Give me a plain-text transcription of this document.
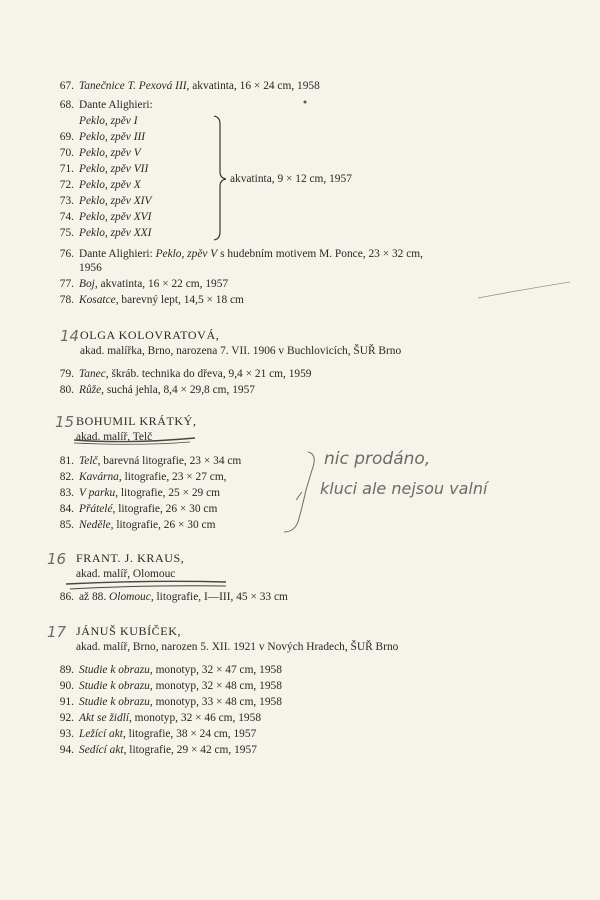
67. Tanečnice T. Pexová III, akvatinta, 16 × 24 cm, 1958
68. Dante Alighieri:
Peklo, zpěv I
69. Peklo, zpěv III
70. Peklo, zpěv V
71. Peklo, zpěv VII
72. Peklo, zpěv X
73. Peklo, zpěv XIV
74. Peklo, zpěv XVI
75. Peklo, zpěv XXI
akvatinta, 9 × 12 cm, 1957
76. Dante Alighieri: Peklo, zpěv V s hudebním motivem M. Ponce, 23 × 32 cm,
1956
77. Boj, akvatinta, 16 × 22 cm, 1957
78. Kosatce, barevný lept, 14,5 × 18 cm
14 OLGA KOLOVRATOVÁ,
akad. malířka, Brno, narozena 7. VII. 1906 v Buchlovicích, ŠUŘ Brno
79. Tanec, škráb. technika do dřeva, 9,4 × 21 cm, 1959
80. Růže, suchá jehla, 8,4 × 29,8 cm, 1957
15 BOHUMIL KRÁTKÝ,
akad. malíř, Telč
81. Telč, barevná litografie, 23 × 34 cm
82. Kavárna, litografie, 23 × 27 cm,
83. V parku, litografie, 25 × 29 cm
84. Přátelé, litografie, 26 × 30 cm
85. Neděle, litografie, 26 × 30 cm
nic prodáno,
kluci ale nejsou valní
16 FRANT. J. KRAUS,
akad. malíř, Olomouc
86. až 88. Olomouc, litografie, I—III, 45 × 33 cm
17 JÁNUŠ KUBÍČEK,
akad. malíř, Brno, narozen 5. XII. 1921 v Nových Hradech, ŠUŘ Brno
89. Studie k obrazu, monotyp, 32 × 47 cm, 1958
90. Studie k obrazu, monotyp, 32 × 48 cm, 1958
91. Studie k obrazu, monotyp, 33 × 48 cm, 1958
92. Akt se židlí, monotyp, 32 × 46 cm, 1958
93. Ležící akt, litografie, 38 × 24 cm, 1957
94. Sedící akt, litografie, 29 × 42 cm, 1957
